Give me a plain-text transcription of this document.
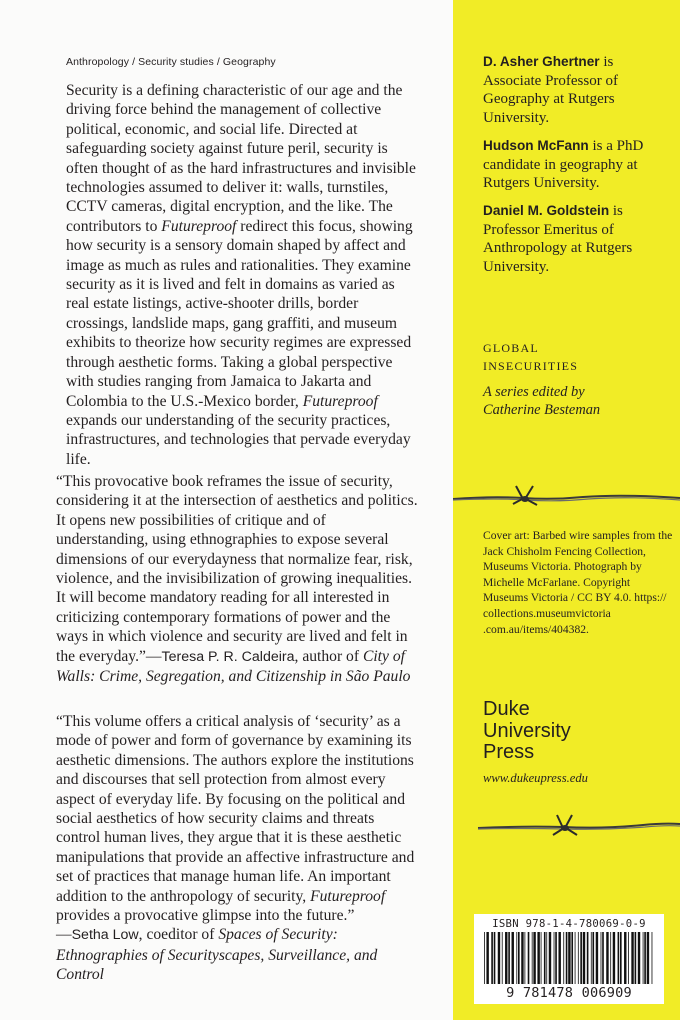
Anthropology / Security studies / Geography

Security is a defining characteristic of our age and the driving force behind the management of collective political, economic, and social life. Directed at safeguarding society against future peril, security is often thought of as the hard infrastructures and invisible technologies assumed to deliver it: walls, turnstiles, CCTV cameras, digital encryption, and the like. The contributors to Futureproof redirect this focus, showing how security is a sensory domain shaped by affect and image as much as rules and rationalities. They examine security as it is lived and felt in domains as varied as real estate listings, active-shooter drills, border crossings, landslide maps, gang graffiti, and museum exhibits to theorize how security regimes are expressed through aesthetic forms. Taking a global perspective with studies ranging from Jamaica to Jakarta and Colombia to the U.S.-Mexico border, Futureproof expands our understanding of the security practices, infrastructures, and technologies that pervade everyday life.

“This provocative book reframes the issue of security, considering it at the intersection of aesthetics and politics. It opens new possibilities of critique and of understanding, using ethnographies to expose several dimensions of our everydayness that normalize fear, risk, violence, and the invisibilization of growing inequalities. It will become mandatory reading for all interested in criticizing contemporary formations of power and the ways in which violence and security are lived and felt in the everyday.”—Teresa P. R. Caldeira, author of City of Walls: Crime, Segregation, and Citizenship in São Paulo

“This volume offers a critical analysis of ‘security’ as a mode of power and form of governance by examining its aesthetic dimensions. The authors explore the institutions and discourses that sell protection from almost every aspect of everyday life. By focusing on the political and social aesthetics of how security claims and threats control human lives, they argue that it is these aesthetic manipulations that provide an affective infrastructure and set of practices that manage human life. An important addition to the anthropology of security, Futureproof provides a provocative glimpse into the future.”
—Setha Low, coeditor of Spaces of Security: Ethnographies of Securityscapes, Surveillance, and Control

D. Asher Ghertner is Associate Professor of Geography at Rutgers University.
Hudson McFann is a PhD candidate in geography at Rutgers University.
Daniel M. Goldstein is Professor Emeritus of Anthropology at Rutgers University.
GLOBAL
INSECURITIES
A series edited by
Catherine Besteman
Cover art: Barbed wire samples from the Jack Chisholm Fencing Collection, Museums Victoria. Photograph by Michelle McFarlane. Copyright Museums Victoria / CC BY 4.0. https:// collections.museumvictoria .com.au/items/404382.
Duke
University
Press
www.dukeupress.edu
ISBN 978-1-4-780069-0-9
9 781478 006909
